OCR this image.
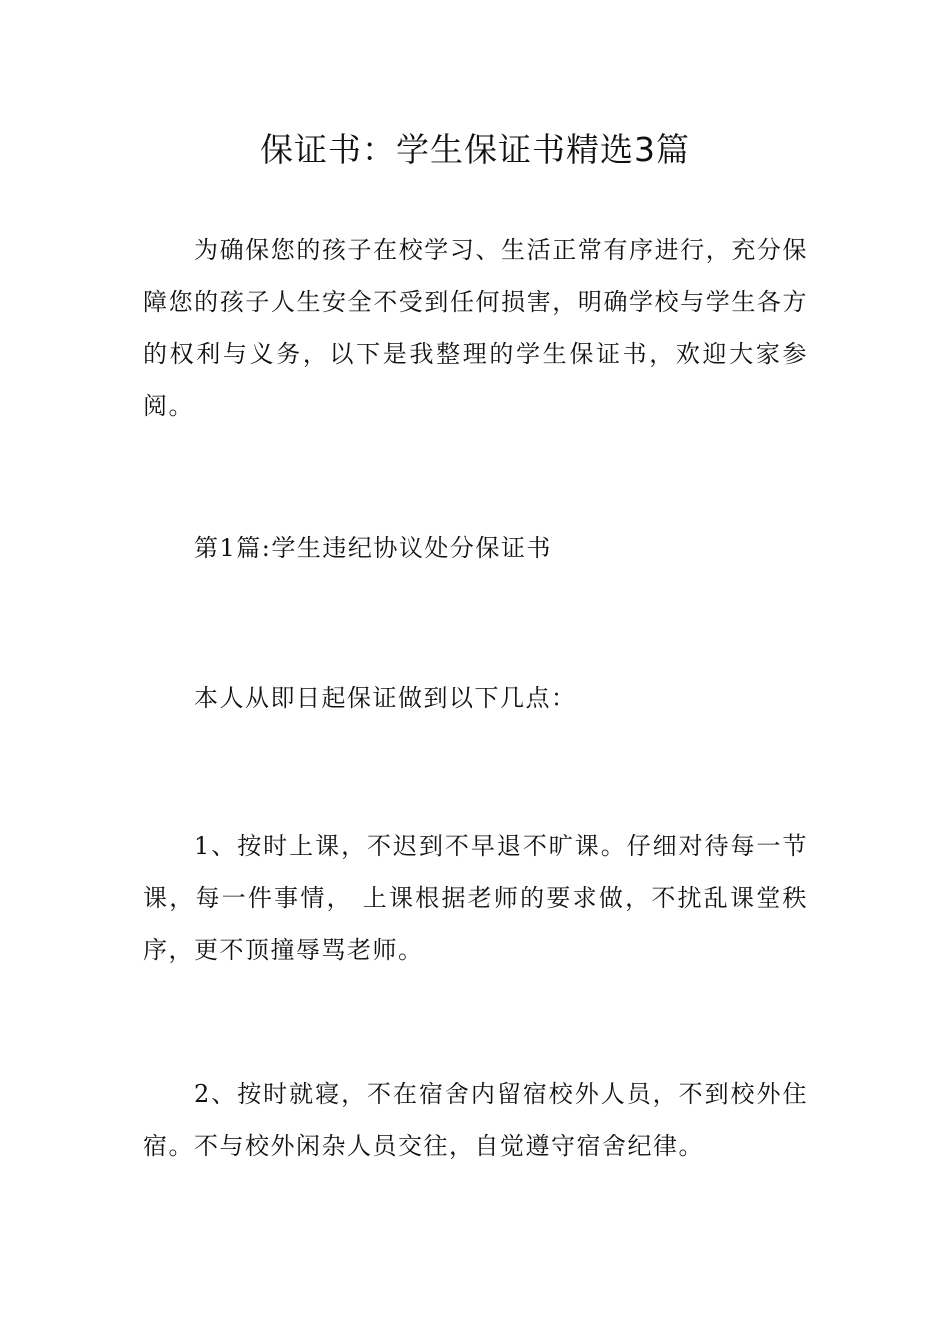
保证书：学生保证书精选3篇

为确保您的孩子在校学习、生活正常有序进行，充分保障您的孩子人生安全不受到任何损害，明确学校与学生各方的权利与义务，以下是我整理的学生保证书，欢迎大家参阅。

第1篇:学生违纪协议处分保证书

本人从即日起保证做到以下几点：

1、按时上课，不迟到不早退不旷课。仔细对待每一节课，每一件事情， 上课根据老师的要求做，不扰乱课堂秩序，更不顶撞辱骂老师。

2、按时就寝，不在宿舍内留宿校外人员，不到校外住宿。不与校外闲杂人员交往，自觉遵守宿舍纪律。
